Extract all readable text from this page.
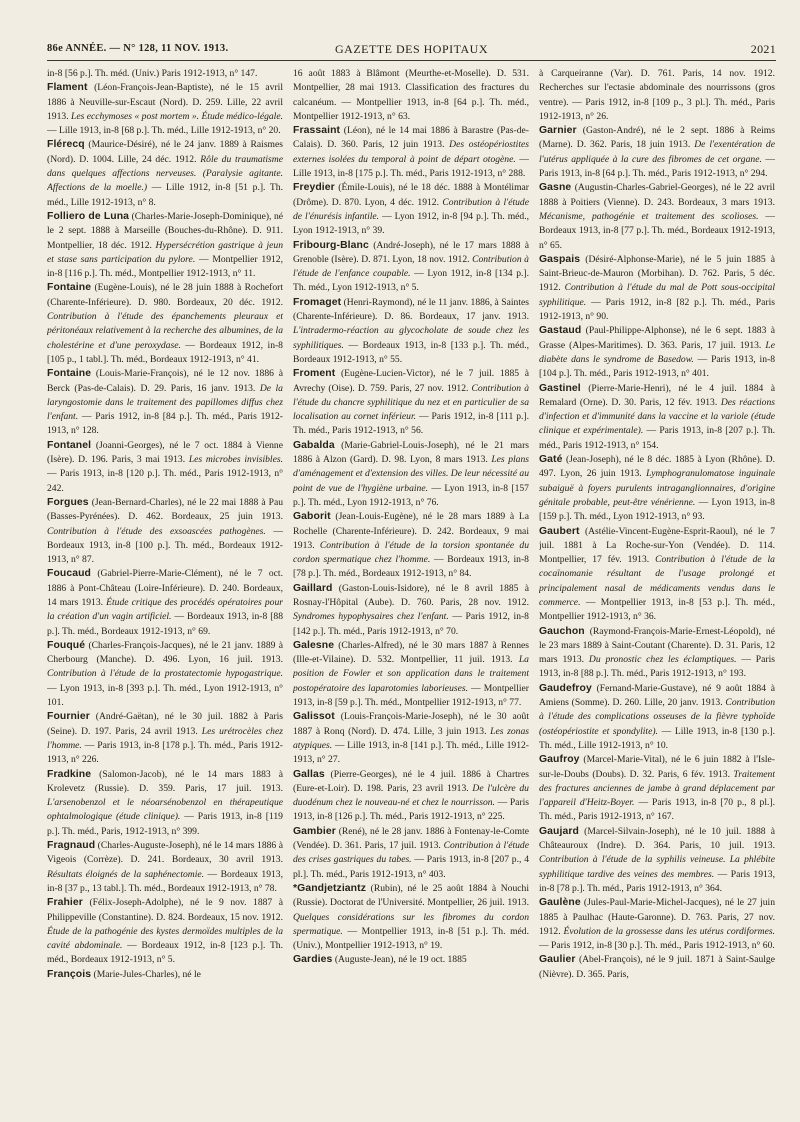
86e ANNÉE. — N° 128, 11 NOV. 1913.	GAZETTE DES HOPITAUX	2021
in-8 [56 p.]. Th. méd. (Univ.) Paris 1912-1913, n° 147.
Flament (Léon-François-Jean-Baptiste), né le 15 avril 1886 à Neuville-sur-Escaut (Nord). D. 259. Lille, 22 avril 1913. Les ecchymoses « post mortem ». Étude médico-légale. — Lille 1913, in-8 [68 p.]. Th. méd., Lille 1912-1913, n° 20.
Flérecq (Maurice-Désiré), né le 24 janv. 1889 à Raismes (Nord). D. 1004. Lille, 24 déc. 1912. Rôle du traumatisme dans quelques affections nerveuses. (Paralysie agitante. Affections de la moelle.) — Lille 1912, in-8 [51 p.]. Th. méd., Lille 1912-1913, n° 8.
Folliero de Luna (Charles-Marie-Joseph-Dominique), né le 2 sept. 1888 à Marseille (Bouches-du-Rhône). D. 911. Montpellier, 18 déc. 1912. Hypersécrétion gastrique à jeun et stase sans participation du pylore. — Montpellier 1912, in-8 [116 p.]. Th. méd., Montpellier 1912-1913, n° 11.
Fontaine (Eugène-Louis), né le 28 juin 1888 à Rochefort (Charente-Inférieure). D. 980. Bordeaux, 20 déc. 1912. Contribution à l'étude des épanchements pleuraux et péritonéaux relativement à la recherche des albumines, de la cholestérine et d'une peroxydase. — Bordeaux 1912, in-8 [105 p., 1 tabl.]. Th. méd., Bordeaux 1912-1913, n° 41.
Fontaine (Louis-Marie-François), né le 12 nov. 1886 à Berck (Pas-de-Calais). D. 29. Paris, 16 janv. 1913. De la laryngostomie dans le traitement des papillomes diffus chez l'enfant. — Paris 1912, in-8 [84 p.]. Th. méd., Paris 1912-1913, n° 128.
Fontanel (Joanni-Georges), né le 7 oct. 1884 à Vienne (Isère). D. 196. Paris, 3 mai 1913. Les microbes invisibles. — Paris 1913, in-8 [120 p.]. Th. méd., Paris 1912-1913, n° 242.
Forgues (Jean-Bernard-Charles), né le 22 mai 1888 à Pau (Basses-Pyrénées). D. 462. Bordeaux, 25 juin 1913. Contribution à l'étude des exsoascées pathogènes. — Bordeaux 1913, in-8 [100 p.]. Th. méd., Bordeaux 1912-1913, n° 87.
Foucaud (Gabriel-Pierre-Marie-Clément), né le 7 oct. 1886 à Pont-Château (Loire-Inférieure). D. 240. Bordeaux, 14 mars 1913. Étude critique des procédés opératoires pour la création d'un vagin artificiel. — Bordeaux 1913, in-8 [88 p.]. Th. méd., Bordeaux 1912-1913, n° 69.
Fouqué (Charles-François-Jacques), né le 21 janv. 1889 à Cherbourg (Manche). D. 496. Lyon, 16 juil. 1913. Contribution à l'étude de la prostatectomie hypogastrique. — Lyon 1913, in-8 [393 p.]. Th. méd., Lyon 1912-1913, n° 101.
Fournier (André-Gaëtan), né le 30 juil. 1882 à Paris (Seine). D. 197. Paris, 24 avril 1913. Les urétrocèles chez l'homme. — Paris 1913, in-8 [178 p.]. Th. méd., Paris 1912-1913, n° 226.
Fradkine (Salomon-Jacob), né le 14 mars 1883 à Krolevetz (Russie). D. 359. Paris, 17 juil. 1913. L'arsenobenzol et le néoarsénobenzol en thérapeutique ophtalmologique (étude clinique). — Paris 1913, in-8 [119 p.]. Th. méd., Paris, 1912-1913, n° 399.
Fragnaud (Charles-Auguste-Joseph), né le 14 mars 1886 à Vigeois (Corrèze). D. 241. Bordeaux, 30 avril 1913. Résultats éloignés de la saphénectomie. — Bordeaux 1913, in-8 [37 p., 13 tabl.]. Th. méd., Bordeaux 1912-1913, n° 78.
Frahier (Félix-Joseph-Adolphe), né le 9 nov. 1887 à Philippeville (Constantine). D. 824. Bordeaux, 15 nov. 1912. Étude de la pathogénie des kystes dermoïdes multiples de la cavité abdominale. — Bordeaux 1912, in-8 [123 p.]. Th. méd., Bordeaux 1912-1913, n° 5.
François (Marie-Jules-Charles), né le
16 août 1883 à Blâmont (Meurthe-et-Moselle). D. 531. Montpellier, 28 mai 1913. Classification des fractures du calcanéum. — Montpellier 1913, in-8 [64 p.]. Th. méd., Montpellier 1912-1913, n° 63.
Frassaint (Léon), né le 14 mai 1886 à Barastre (Pas-de-Calais). D. 360. Paris, 12 juin 1913. Des ostéopériostites externes isolées du temporal à point de départ otogène. — Lille 1913, in-8 [175 p.]. Th. méd., Paris 1912-1913, n° 288.
Freydier (Émile-Louis), né le 18 déc. 1888 à Montélimar (Drôme). D. 870. Lyon, 4 déc. 1912. Contribution à l'étude de l'énurésis infantile. — Lyon 1912, in-8 [94 p.]. Th. méd., Lyon 1912-1913, n° 39.
Fribourg-Blanc (André-Joseph), né le 17 mars 1888 à Grenoble (Isère). D. 871. Lyon, 18 nov. 1912. Contribution à l'étude de l'enfance coupable. — Lyon 1912, in-8 [134 p.]. Th. méd., Lyon 1912-1913, n° 5.
Fromaget (Henri-Raymond), né le 11 janv. 1886, à Saintes (Charente-Inférieure). D. 86. Bordeaux, 17 janv. 1913. L'intradermo-réaction au glycocholate de soude chez les syphilitiques. — Bordeaux 1913, in-8 [133 p.]. Th. méd., Bordeaux 1912-1913, n° 55.
Froment (Eugène-Lucien-Victor), né le 7 juil. 1885 à Avrechy (Oise). D. 759. Paris, 27 nov. 1912. Contribution à l'étude du chancre syphilitique du nez et en particulier de sa localisation au cornet inférieur. — Paris 1912, in-8 [111 p.]. Th. méd., Paris 1912-1913, n° 56.
Gabalda (Marie-Gabriel-Louis-Joseph), né le 21 mars 1886 à Alzon (Gard). D. 98. Lyon, 8 mars 1913. Les plans d'aménagement et d'extension des villes. De leur nécessité au point de vue de l'hygiène urbaine. — Lyon 1913, in-8 [157 p.]. Th. méd., Lyon 1912-1913, n° 76.
Gaborit (Jean-Louis-Eugène), né le 28 mars 1889 à La Rochelle (Charente-Inférieure). D. 242. Bordeaux, 9 mai 1913. Contribution à l'étude de la torsion spontanée du cordon spermatique chez l'homme. — Bordeaux 1913, in-8 [78 p.]. Th. méd., Bordeaux 1912-1913, n° 84.
Gaillard (Gaston-Louis-Isidore), né le 8 avril 1885 à Rosnay-l'Hôpital (Aube). D. 760. Paris, 28 nov. 1912. Syndromes hypophysaires chez l'enfant. — Paris 1912, in-8 [142 p.]. Th. méd., Paris 1912-1913, n° 70.
Galesne (Charles-Alfred), né le 30 mars 1887 à Rennes (Ille-et-Vilaine). D. 532. Montpellier, 11 juil. 1913. La position de Fowler et son application dans le traitement postopératoire des laparotomies laborieuses. — Montpellier 1913, in-8 [59 p.]. Th. méd., Montpellier 1912-1913, n° 77.
Galissot (Louis-François-Marie-Joseph), né le 30 août 1887 à Ronq (Nord). D. 474. Lille, 3 juin 1913. Les zonas atypiques. — Lille 1913, in-8 [141 p.]. Th. méd., Lille 1912-1913, n° 27.
Gallas (Pierre-Georges), né le 4 juil. 1886 à Chartres (Eure-et-Loir). D. 198. Paris, 23 avril 1913. De l'ulcère du duodénum chez le nouveau-né et chez le nourrisson. — Paris 1913, in-8 [126 p.]. Th. méd., Paris 1912-1913, n° 225.
Gambier (René), né le 28 janv. 1886 à Fontenay-le-Comte (Vendée). D. 361. Paris, 17 juil. 1913. Contribution à l'étude des crises gastriques du tabes. — Paris 1913, in-8 [207 p., 4 pl.]. Th. méd., Paris 1912-1913, n° 403.
*Gandjetziantz (Rubin), né le 25 août 1884 à Nouchi (Russie). Doctorat de l'Université. Montpellier, 26 juil. 1913. Quelques considérations sur les fibromes du cordon spermatique. — Montpellier 1913, in-8 [51 p.]. Th. méd. (Univ.), Montpellier 1912-1913, n° 19.
Gardies (Auguste-Jean), né le 19 oct. 1885
à Carqueiranne (Var). D. 761. Paris, 14 nov. 1912. Recherches sur l'ectasie abdominale des nourrissons (gros ventre). — Paris 1912, in-8 [109 p., 3 pl.]. Th. méd., Paris 1912-1913, n° 26.
Garnier (Gaston-André), né le 2 sept. 1886 à Reims (Marne). D. 362. Paris, 18 juin 1913. De l'exentération de l'utérus appliquée à la cure des fibromes de cet organe. — Paris 1913, in-8 [64 p.]. Th. méd., Paris 1912-1913, n° 294.
Gasne (Augustin-Charles-Gabriel-Georges), né le 22 avril 1888 à Poitiers (Vienne). D. 243. Bordeaux, 3 mars 1913. Mécanisme, pathogénie et traitement des scolioses. — Bordeaux 1913, in-8 [77 p.]. Th. méd., Bordeaux 1912-1913, n° 65.
Gaspais (Désiré-Alphonse-Marie), né le 5 juin 1885 à Saint-Brieuc-de-Mauron (Morbihan). D. 762. Paris, 5 déc. 1912. Contribution à l'étude du mal de Pott sous-occipital syphilitique. — Paris 1912, in-8 [82 p.]. Th. méd., Paris 1912-1913, n° 90.
Gastaud (Paul-Philippe-Alphonse), né le 6 sept. 1883 à Grasse (Alpes-Maritimes). D. 363. Paris, 17 juil. 1913. Le diabète dans le syndrome de Basedow. — Paris 1913, in-8 [104 p.]. Th. méd., Paris 1912-1913, n° 401.
Gastinel (Pierre-Marie-Henri), né le 4 juil. 1884 à Remalard (Orne). D. 30. Paris, 12 fév. 1913. Des réactions d'infection et d'immunité dans la vaccine et la variole (étude clinique et expérimentale). — Paris 1913, in-8 [207 p.]. Th. méd., Paris 1912-1913, n° 154.
Gaté (Jean-Joseph), né le 8 déc. 1885 à Lyon (Rhône). D. 497. Lyon, 26 juin 1913. Lymphogranulomatose inguinale subaiguë à foyers purulents intraganglionnaires, d'origine génitale probable, peut-être vénérienne. — Lyon 1913, in-8 [159 p.]. Th. méd., Lyon 1912-1913, n° 93.
Gaubert (Astélie-Vincent-Eugène-Esprit-Raoul), né le 7 juil. 1881 à La Roche-sur-Yon (Vendée). D. 114. Montpellier, 17 fév. 1913. Contribution à l'étude de la cocaïnomanie résultant de l'usage prolongé et principalement nasal de médicaments vendus dans le commerce. — Montpellier 1913, in-8 [53 p.]. Th. méd., Montpellier 1912-1913, n° 36.
Gauchon (Raymond-François-Marie-Ernest-Léopold), né le 23 mars 1889 à Saint-Coutant (Charente). D. 31. Paris, 12 mars 1913. Du pronostic chez les éclamptiques. — Paris 1913, in-8 [88 p.]. Th. méd., Paris 1912-1913, n° 193.
Gaudefroy (Fernand-Marie-Gustave), né 9 août 1884 à Amiens (Somme). D. 260. Lille, 20 janv. 1913. Contribution à l'étude des complications osseuses de la fièvre typhoïde (ostéopériostite et spondylite). — Lille 1913, in-8 [130 p.]. Th. méd., Lille 1912-1913, n° 10.
Gaufroy (Marcel-Marie-Vital), né le 6 juin 1882 à l'Isle-sur-le-Doubs (Doubs). D. 32. Paris, 6 fév. 1913. Traitement des fractures anciennes de jambe à grand déplacement par l'appareil d'Heitz-Boyer. — Paris 1913, in-8 [70 p., 8 pl.]. Th. méd., Paris 1912-1913, n° 167.
Gaujard (Marcel-Silvain-Joseph), né le 10 juil. 1888 à Châteauroux (Indre). D. 364. Paris, 10 juil. 1913. Contribution à l'étude de la syphilis veineuse. La phlébite syphilitique tardive des veines des membres. — Paris 1913, in-8 [78 p.]. Th. méd., Paris 1912-1913, n° 364.
Gaulène (Jules-Paul-Marie-Michel-Jacques), né le 27 juin 1885 à Paulhac (Haute-Garonne). D. 763. Paris, 27 nov. 1912. Évolution de la grossesse dans les utérus cordiformes. — Paris 1912, in-8 [30 p.]. Th. méd., Paris 1912-1913, n° 60.
Gaulier (Abel-François), né le 9 juil. 1871 à Saint-Saulge (Nièvre). D. 365. Paris,
